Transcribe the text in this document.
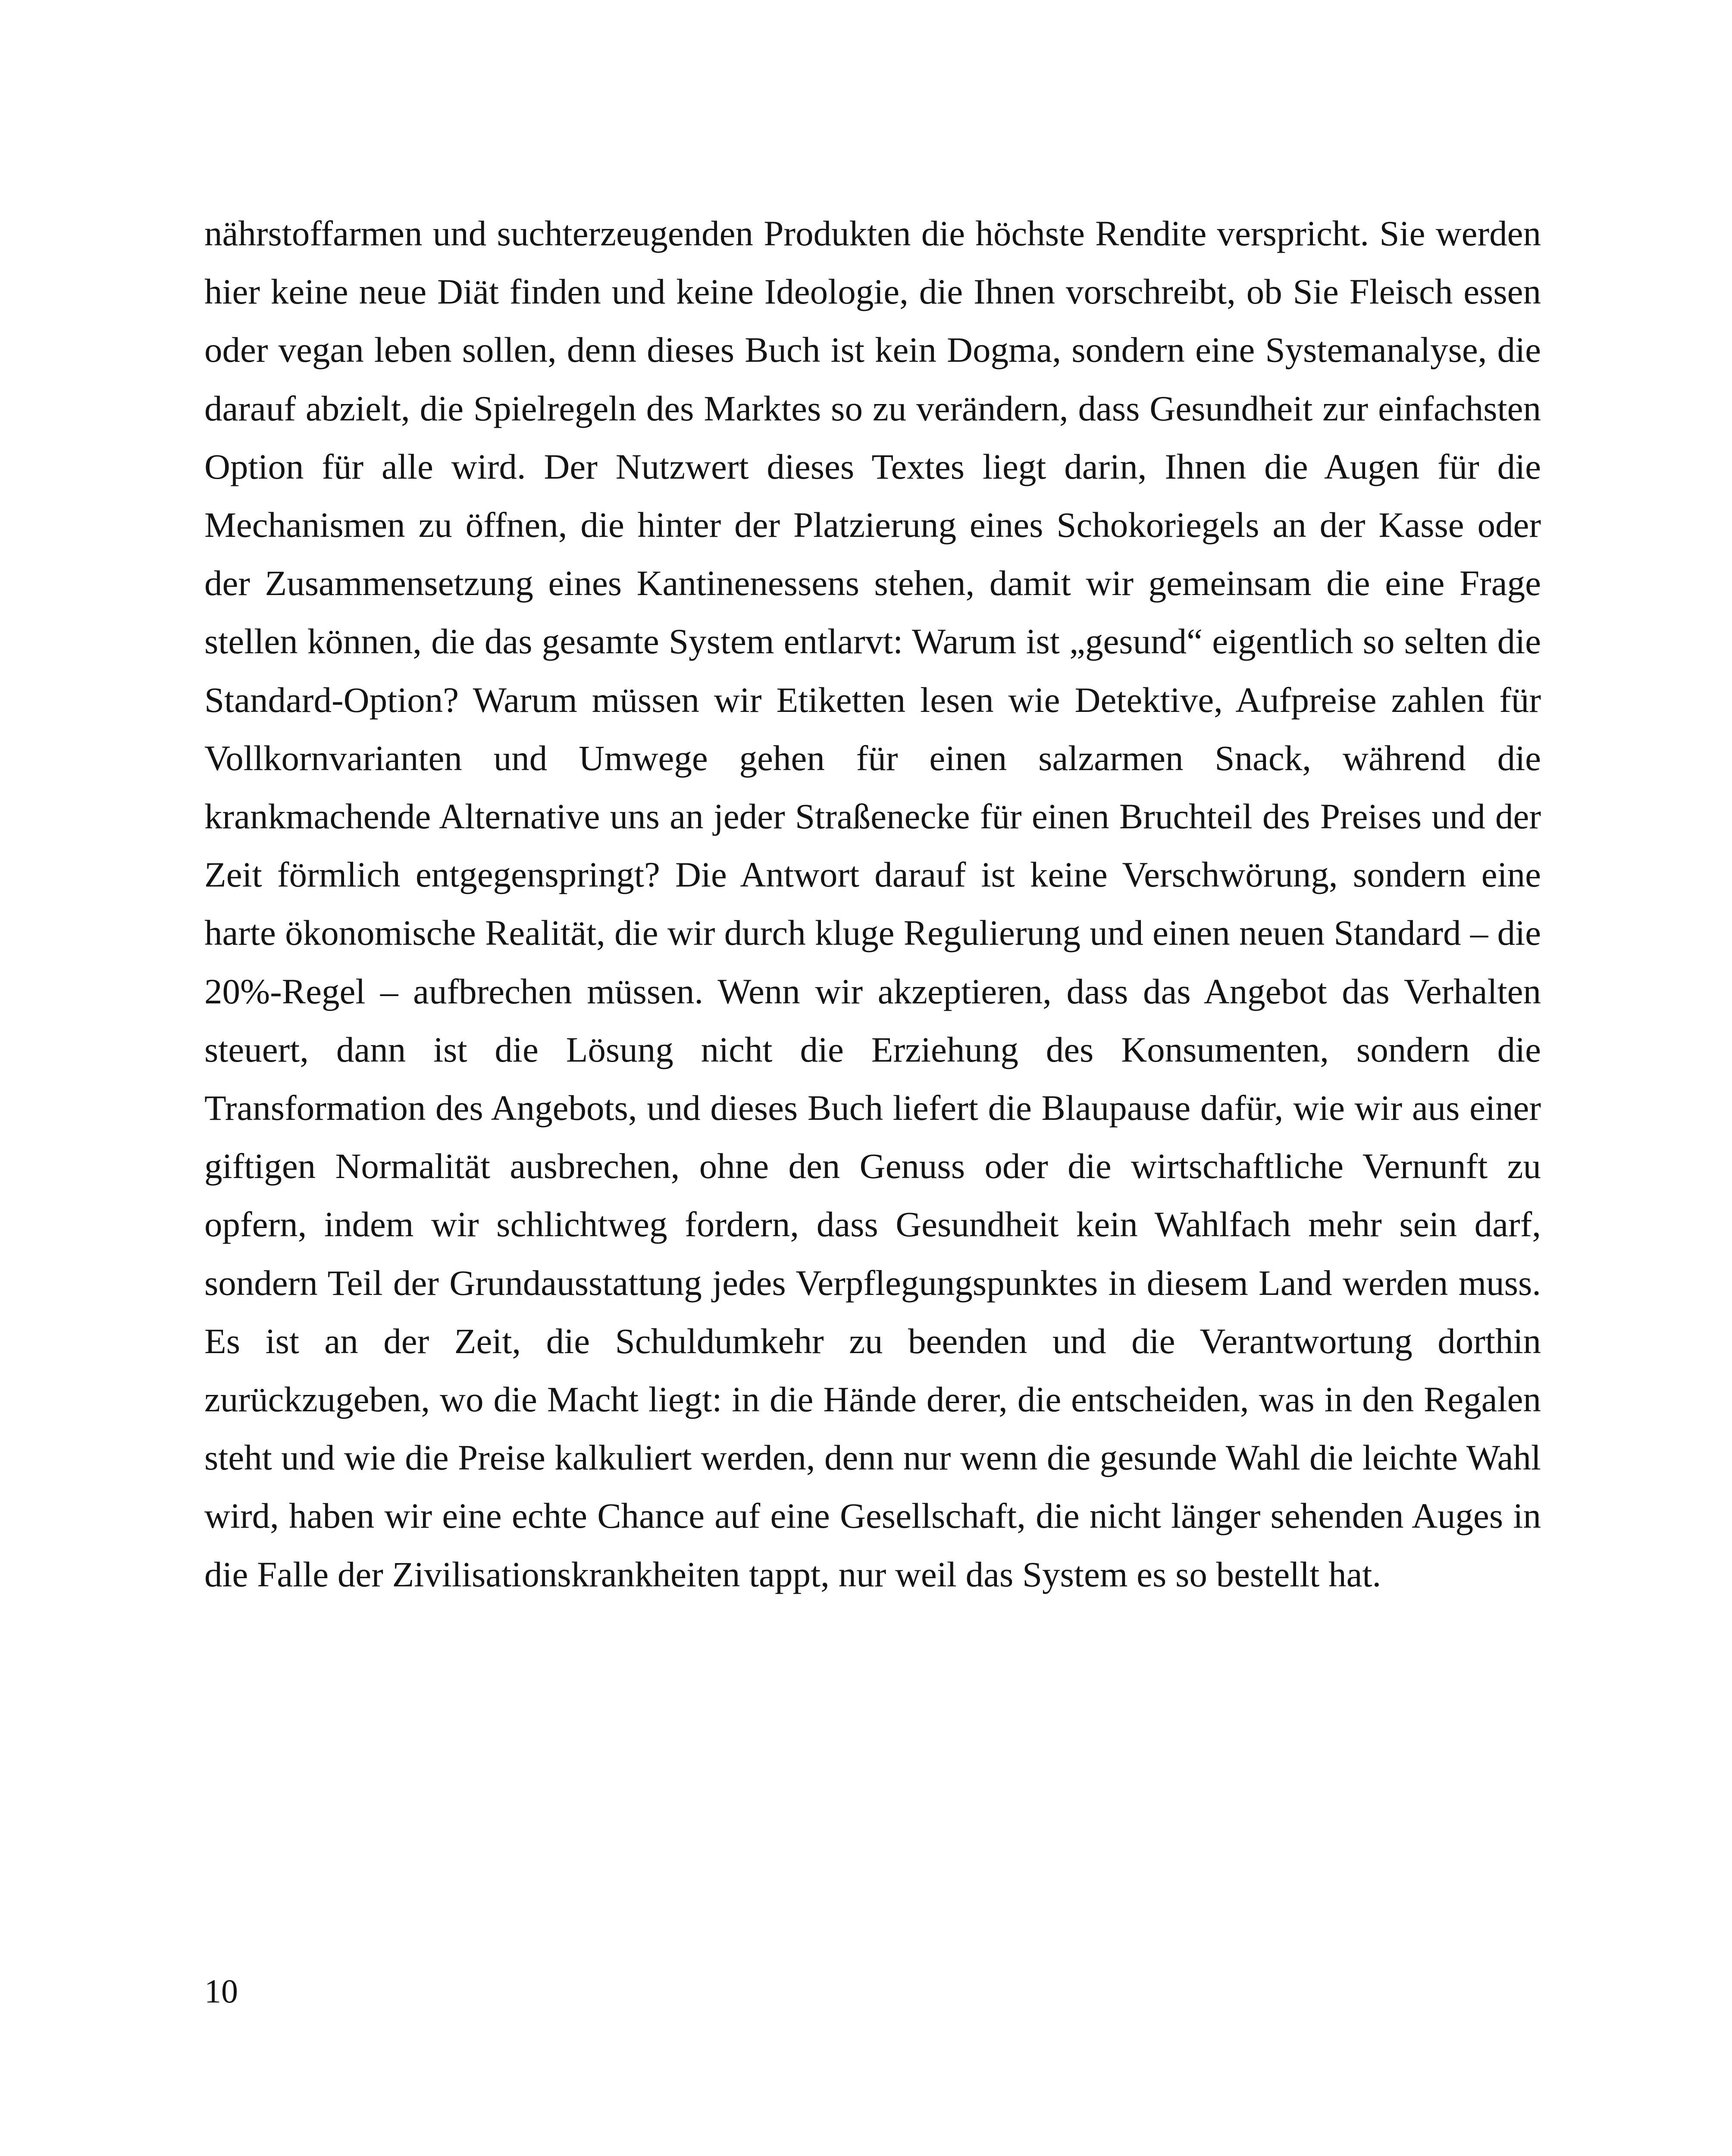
nährstoffarmen und suchterzeugenden Produkten die höchste Rendite verspricht. Sie werden hier keine neue Diät finden und keine Ideologie, die Ihnen vorschreibt, ob Sie Fleisch essen oder vegan leben sollen, denn dieses Buch ist kein Dogma, sondern eine Systemanalyse, die darauf abzielt, die Spielregeln des Marktes so zu verändern, dass Gesundheit zur einfachsten Option für alle wird. Der Nutzwert dieses Textes liegt darin, Ihnen die Augen für die Mechanismen zu öffnen, die hinter der Platzierung eines Schokoriegels an der Kasse oder der Zusammensetzung eines Kantinenessens stehen, damit wir gemeinsam die eine Frage stellen können, die das gesamte System entlarvt: Warum ist „gesund“ eigentlich so selten die Standard-Option? Warum müssen wir Etiketten lesen wie Detektive, Aufpreise zahlen für Vollkornvarianten und Umwege gehen für einen salzarmen Snack, während die krankmachende Alternative uns an jeder Straßenecke für einen Bruchteil des Preises und der Zeit förmlich entgegenspringt? Die Antwort darauf ist keine Verschwörung, sondern eine harte ökonomische Realität, die wir durch kluge Regulierung und einen neuen Standard – die 20%-Regel – aufbrechen müssen. Wenn wir akzeptieren, dass das Angebot das Verhalten steuert, dann ist die Lösung nicht die Erziehung des Konsumenten, sondern die Transformation des Angebots, und dieses Buch liefert die Blaupause dafür, wie wir aus einer giftigen Normalität ausbrechen, ohne den Genuss oder die wirtschaftliche Vernunft zu opfern, indem wir schlichtweg fordern, dass Gesundheit kein Wahlfach mehr sein darf, sondern Teil der Grundausstattung jedes Verpflegungspunktes in diesem Land werden muss. Es ist an der Zeit, die Schuldumkehr zu beenden und die Verantwortung dorthin zurückzugeben, wo die Macht liegt: in die Hände derer, die entscheiden, was in den Regalen steht und wie die Preise kalkuliert werden, denn nur wenn die gesunde Wahl die leichte Wahl wird, haben wir eine echte Chance auf eine Gesellschaft, die nicht länger sehenden Auges in die Falle der Zivilisationskrankheiten tappt, nur weil das System es so bestellt hat.

10
